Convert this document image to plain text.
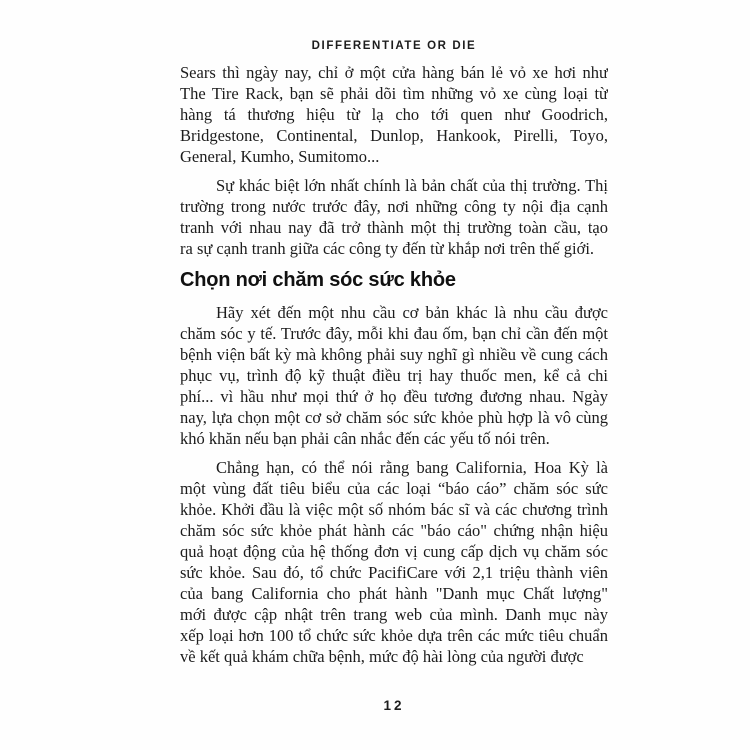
DIFFERENTIATE OR DIE
Sears thì ngày nay, chỉ ở một cửa hàng bán lẻ vỏ xe hơi như
The Tire Rack, bạn sẽ phải dõi tìm những vỏ xe cùng loại từ
hàng tá thương hiệu từ lạ cho tới quen như Goodrich,
Bridgestone, Continental, Dunlop, Hankook, Pirelli, Toyo,
General, Kumho, Sumitomo...
Sự khác biệt lớn nhất chính là bản chất của thị trường. Thị
trường trong nước trước đây, nơi những công ty nội địa cạnh
tranh với nhau nay đã trở thành một thị trường toàn cầu, tạo
ra sự cạnh tranh giữa các công ty đến từ khắp nơi trên thế giới.
Chọn nơi chăm sóc sức khỏe
Hãy xét đến một nhu cầu cơ bản khác là nhu cầu được
chăm sóc y tế. Trước đây, mỗi khi đau ốm, bạn chỉ cần đến một
bệnh viện bất kỳ mà không phải suy nghĩ gì nhiều về cung cách
phục vụ, trình độ kỹ thuật điều trị hay thuốc men, kể cả chi
phí... vì hầu như mọi thứ ở họ đều tương đương nhau. Ngày
nay, lựa chọn một cơ sở chăm sóc sức khỏe phù hợp là vô cùng
khó khăn nếu bạn phải cân nhắc đến các yếu tố nói trên.
Chẳng hạn, có thể nói rằng bang California, Hoa Kỳ là
một vùng đất tiêu biểu của các loại “báo cáo” chăm sóc sức
khỏe. Khởi đầu là việc một số nhóm bác sĩ và các chương trình
chăm sóc sức khỏe phát hành các "báo cáo" chứng nhận hiệu
quả hoạt động của hệ thống đơn vị cung cấp dịch vụ chăm sóc
sức khỏe. Sau đó, tổ chức PacifiCare với 2,1 triệu thành viên
của bang California cho phát hành "Danh mục Chất lượng"
mới được cập nhật trên trang web của mình. Danh mục này
xếp loại hơn 100 tổ chức sức khỏe dựa trên các mức tiêu chuẩn
về kết quả khám chữa bệnh, mức độ hài lòng của người được
12
